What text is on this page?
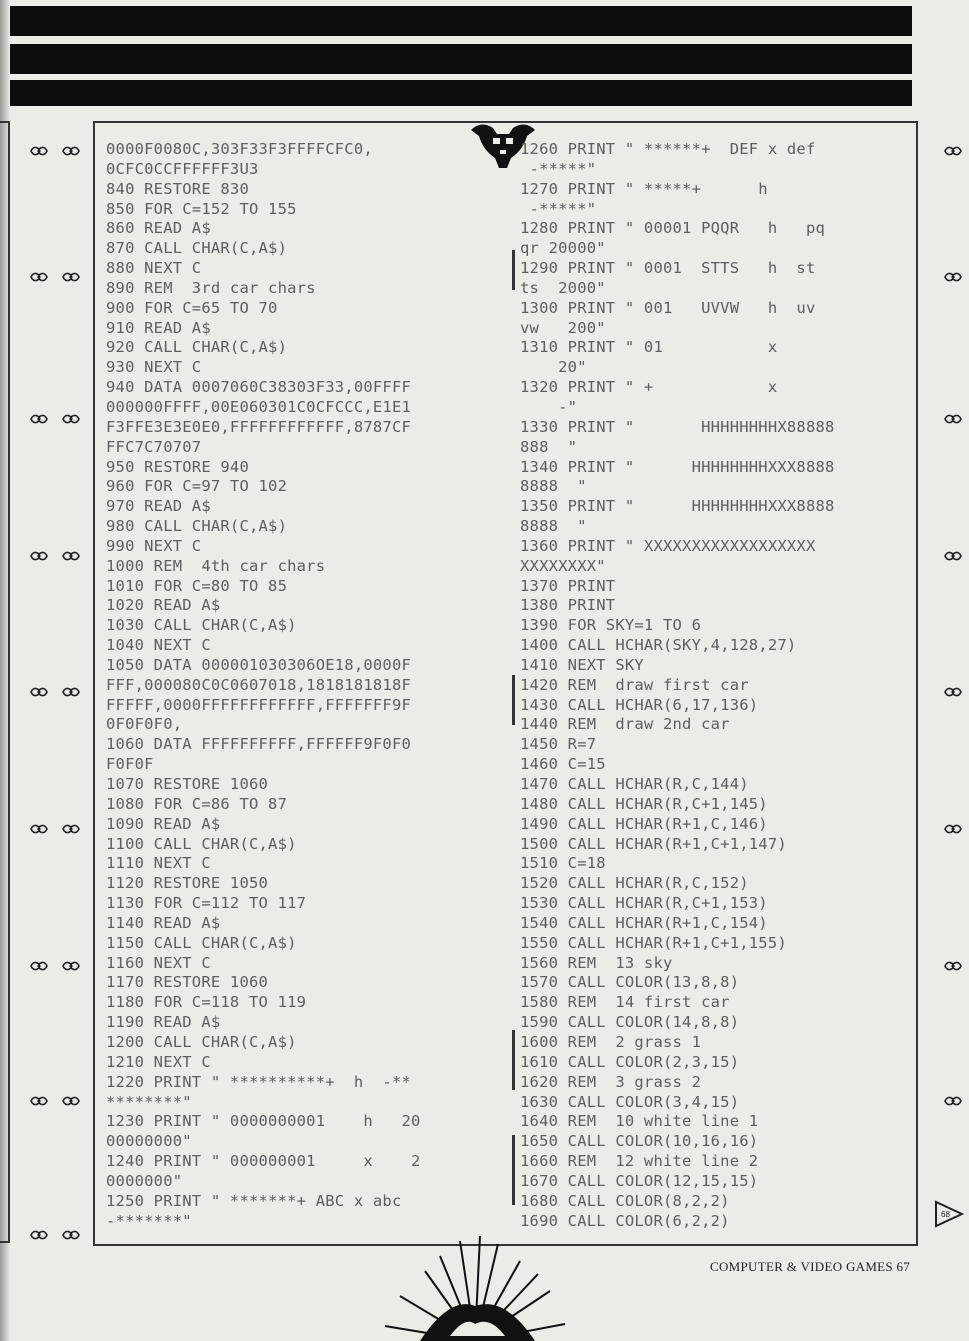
0000F0080C,303F33F3FFFFCFC0,
0CFC0CCFFFFFF3U3
840 RESTORE 830
850 FOR C=152 TO 155
860 READ A$
870 CALL CHAR(C,A$)
880 NEXT C
890 REM  3rd car chars
900 FOR C=65 TO 70
910 READ A$
920 CALL CHAR(C,A$)
930 NEXT C
940 DATA 0007060C38303F33,00FFFF
000000FFFF,00E060301C0CFCCC,E1E1
F3FFE3E3E0E0,FFFFFFFFFFFF,8787CF
FFC7C70707
950 RESTORE 940
960 FOR C=97 TO 102
970 READ A$
980 CALL CHAR(C,A$)
990 NEXT C
1000 REM  4th car chars
1010 FOR C=80 TO 85
1020 READ A$
1030 CALL CHAR(C,A$)
1040 NEXT C
1050 DATA 000001030306OE18,0000F
FFF,000080C0C0607018,1818181818F
FFFFF,0000FFFFFFFFFFFF,FFFFFFF9F
0F0F0F0,
1060 DATA FFFFFFFFFF,FFFFFF9F0F0
F0F0F
1070 RESTORE 1060
1080 FOR C=86 TO 87
1090 READ A$
1100 CALL CHAR(C,A$)
1110 NEXT C
1120 RESTORE 1050
1130 FOR C=112 TO 117
1140 READ A$
1150 CALL CHAR(C,A$)
1160 NEXT C
1170 RESTORE 1060
1180 FOR C=118 TO 119
1190 READ A$
1200 CALL CHAR(C,A$)
1210 NEXT C
1220 PRINT " **********+  h  -**
********"
1230 PRINT " 0000000001    h   20
00000000"
1240 PRINT " 000000001     x    2
0000000"
1250 PRINT " *******+ ABC x abc
-*******"
1260 PRINT " ******+  DEF x def
-*****"
1270 PRINT " *****+      h
-*****"
1280 PRINT " 00001 PQQR   h   pq
qr 20000"
1290 PRINT " 0001  STTS   h  st
ts  2000"
1300 PRINT " 001   UVVW   h  uv
vw   200"
1310 PRINT " 01           x
20"
1320 PRINT " +            x
-"
1330 PRINT "       HHHHHHHHX88888
888  "
1340 PRINT "      HHHHHHHHXXX8888
8888  "
1350 PRINT "      HHHHHHHHXXX8888
8888  "
1360 PRINT " XXXXXXXXXXXXXXXXXX
XXXXXXXX"
1370 PRINT
1380 PRINT
1390 FOR SKY=1 TO 6
1400 CALL HCHAR(SKY,4,128,27)
1410 NEXT SKY
1420 REM  draw first car
1430 CALL HCHAR(6,17,136)
1440 REM  draw 2nd car
1450 R=7
1460 C=15
1470 CALL HCHAR(R,C,144)
1480 CALL HCHAR(R,C+1,145)
1490 CALL HCHAR(R+1,C,146)
1500 CALL HCHAR(R+1,C+1,147)
1510 C=18
1520 CALL HCHAR(R,C,152)
1530 CALL HCHAR(R,C+1,153)
1540 CALL HCHAR(R+1,C,154)
1550 CALL HCHAR(R+1,C+1,155)
1560 REM  13 sky
1570 CALL COLOR(13,8,8)
1580 REM  14 first car
1590 CALL COLOR(14,8,8)
1600 REM  2 grass 1
1610 CALL COLOR(2,3,15)
1620 REM  3 grass 2
1630 CALL COLOR(3,4,15)
1640 REM  10 white line 1
1650 CALL COLOR(10,16,16)
1660 REM  12 white line 2
1670 CALL COLOR(12,15,15)
1680 CALL COLOR(8,2,2)
1690 CALL COLOR(6,2,2)	68
COMPUTER & VIDEO GAMES 67
